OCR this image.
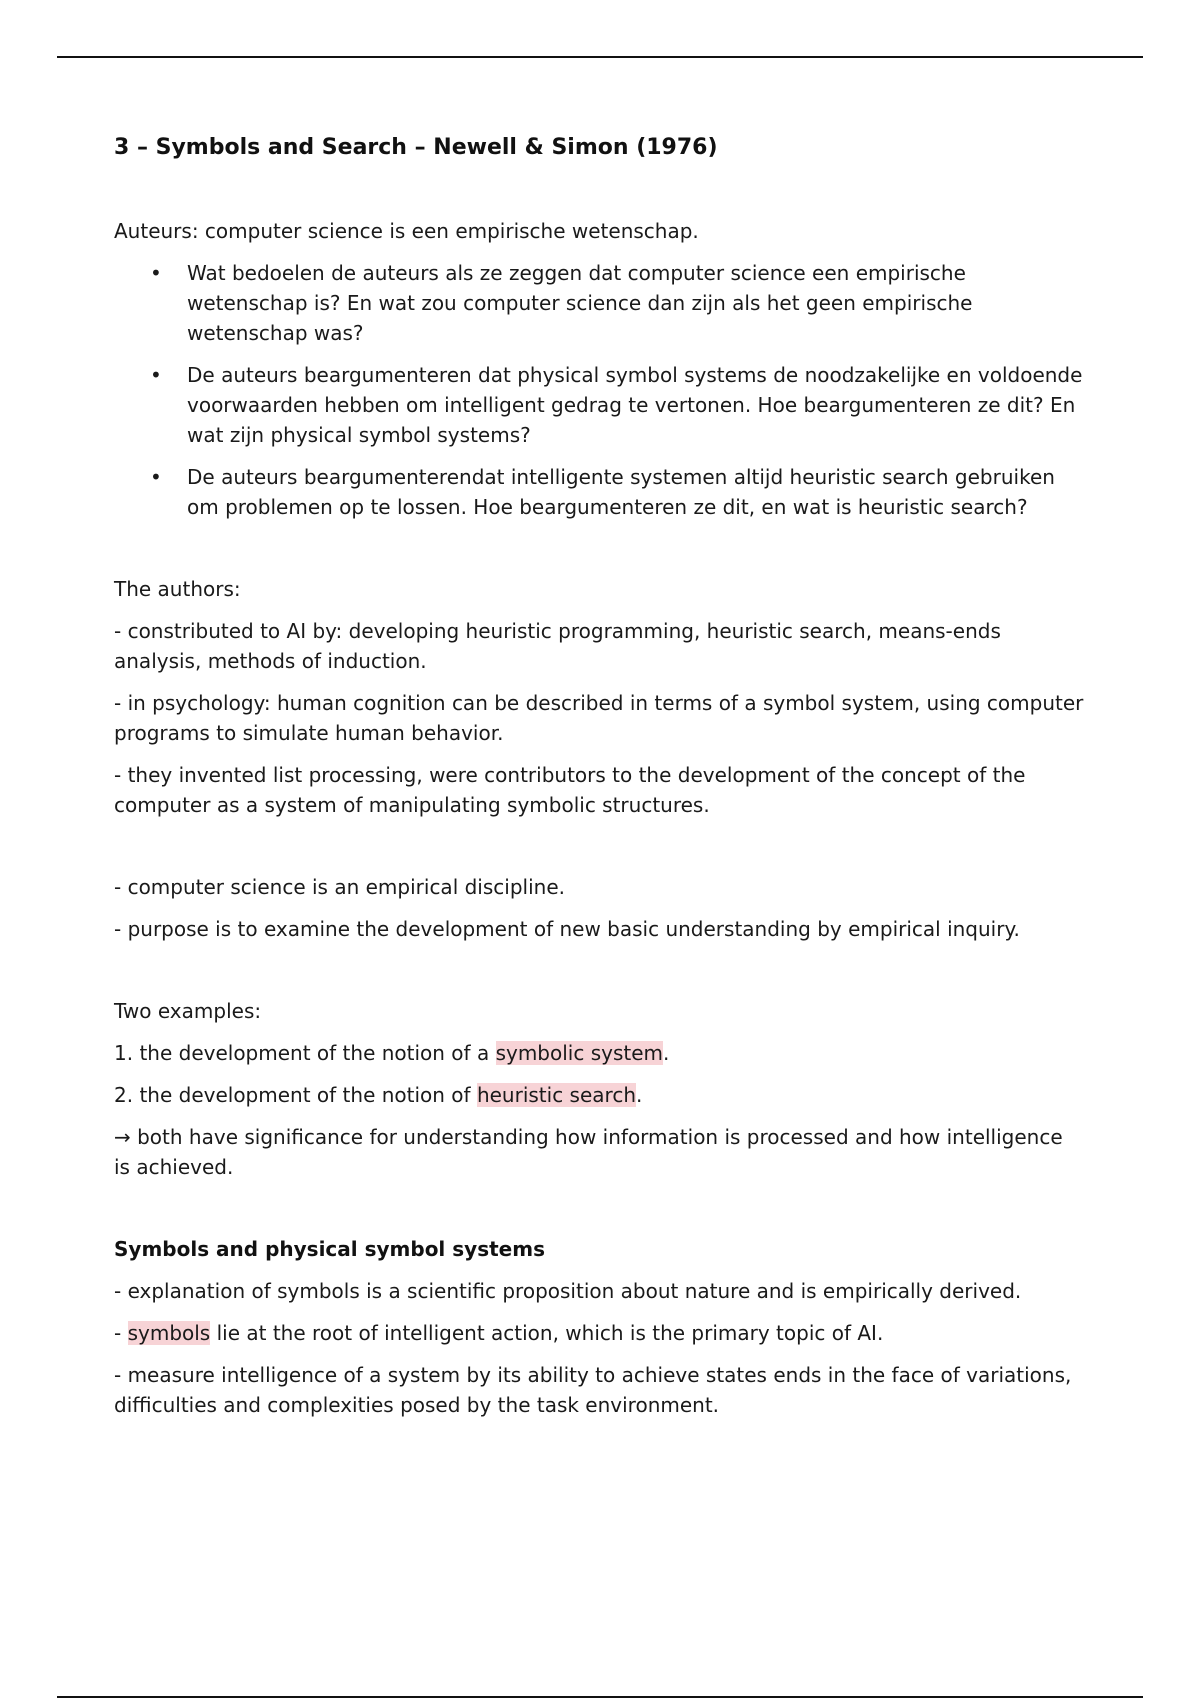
3 – Symbols and Search – Newell & Simon (1976)

Auteurs: computer science is een empirische wetenschap.

• Wat bedoelen de auteurs als ze zeggen dat computer science een empirische wetenschap is? En wat zou computer science dan zijn als het geen empirische wetenschap was?
• De auteurs beargumenteren dat physical symbol systems de noodzakelijke en voldoende voorwaarden hebben om intelligent gedrag te vertonen. Hoe beargumenteren ze dit? En wat zijn physical symbol systems?
• De auteurs beargumenterendat intelligente systemen altijd heuristic search gebruiken om problemen op te lossen. Hoe beargumenteren ze dit, en wat is heuristic search?

The authors:

- constributed to AI by: developing heuristic programming, heuristic search, means-ends analysis, methods of induction.

- in psychology: human cognition can be described in terms of a symbol system, using computer programs to simulate human behavior.

- they invented list processing, were contributors to the development of the concept of the computer as a system of manipulating symbolic structures.

- computer science is an empirical discipline.

- purpose is to examine the development of new basic understanding by empirical inquiry.

Two examples:

1. the development of the notion of a symbolic system.

2. the development of the notion of heuristic search.

→ both have significance for understanding how information is processed and how intelligence is achieved.

Symbols and physical symbol systems

- explanation of symbols is a scientific proposition about nature and is empirically derived.

- symbols lie at the root of intelligent action, which is the primary topic of AI.

- measure intelligence of a system by its ability to achieve states ends in the face of variations, difficulties and complexities posed by the task environment.
